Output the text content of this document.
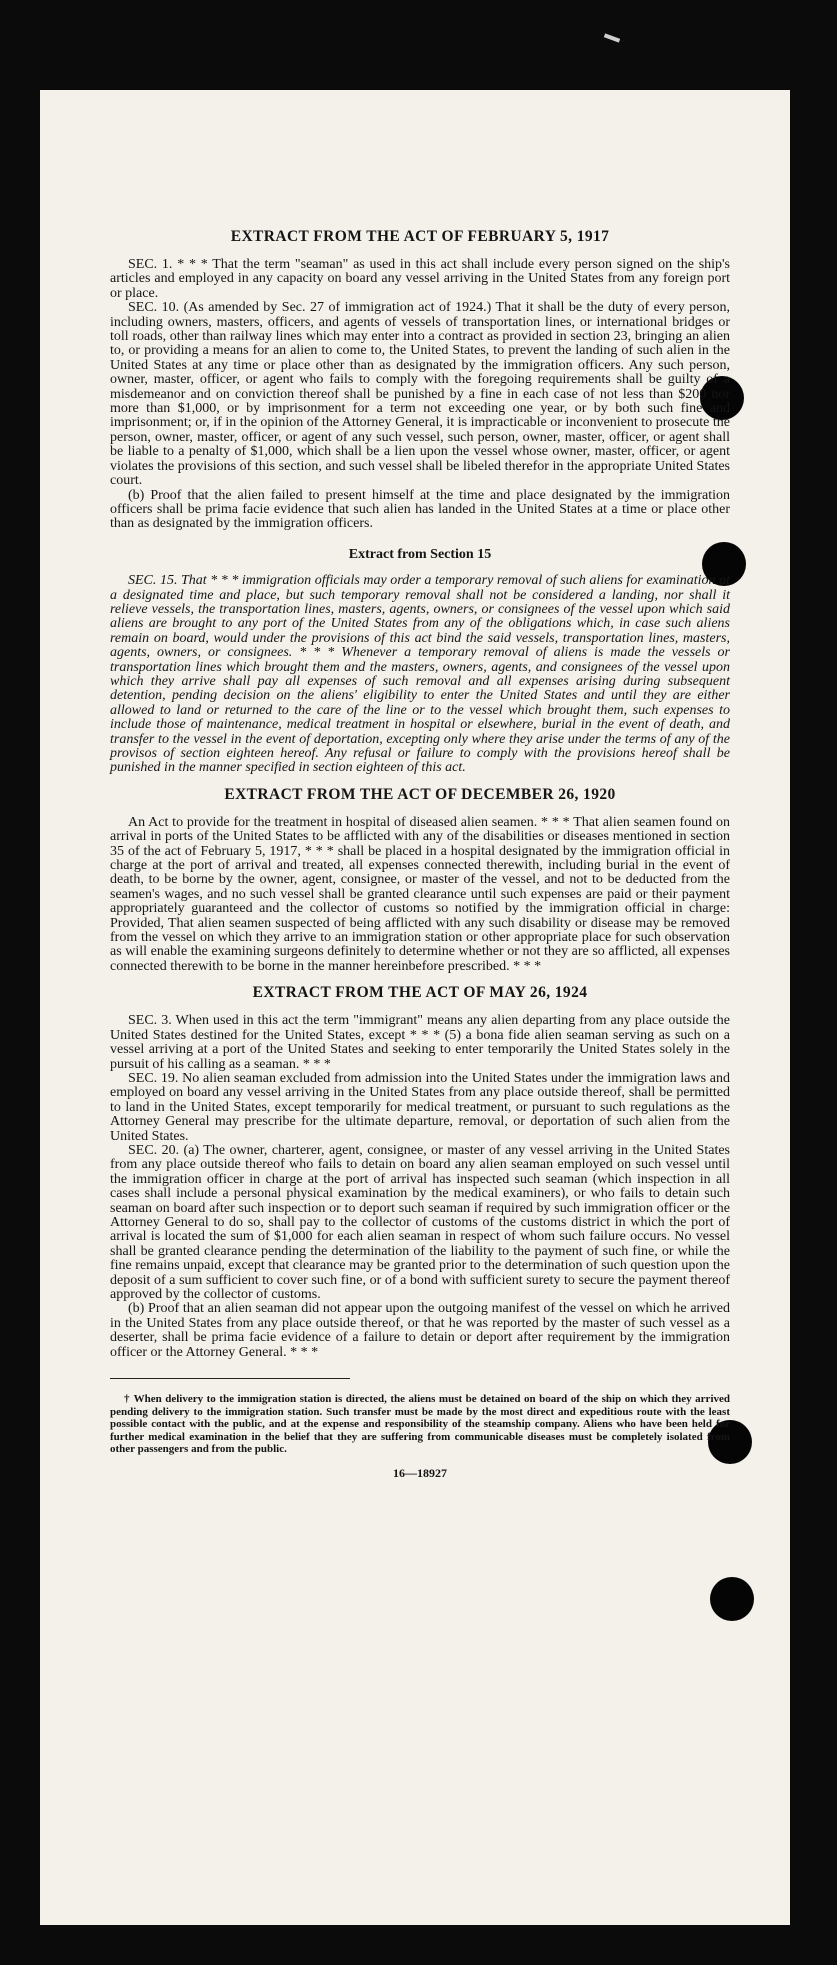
EXTRACT FROM THE ACT OF FEBRUARY 5, 1917

SEC. 1. * * * That the term "seaman" as used in this act shall include every person signed on the ship's articles and employed in any capacity on board any vessel arriving in the United States from any foreign port or place.

SEC. 10. (As amended by Sec. 27 of immigration act of 1924.) That it shall be the duty of every person, including owners, masters, officers, and agents of vessels of transportation lines, or international bridges or toll roads, other than railway lines which may enter into a contract as provided in section 23, bringing an alien to, or providing a means for an alien to come to, the United States, to prevent the landing of such alien in the United States at any time or place other than as designated by the immigration officers. Any such person, owner, master, officer, or agent who fails to comply with the foregoing requirements shall be guilty of a misdemeanor and on conviction thereof shall be punished by a fine in each case of not less than $200 nor more than $1,000, or by imprisonment for a term not exceeding one year, or by both such fine and imprisonment; or, if in the opinion of the Attorney General, it is impracticable or inconvenient to prosecute the person, owner, master, officer, or agent of any such vessel, such person, owner, master, officer, or agent shall be liable to a penalty of $1,000, which shall be a lien upon the vessel whose owner, master, officer, or agent violates the provisions of this section, and such vessel shall be libeled therefor in the appropriate United States court.

(b) Proof that the alien failed to present himself at the time and place designated by the immigration officers shall be prima facie evidence that such alien has landed in the United States at a time or place other than as designated by the immigration officers.

Extract from Section 15

SEC. 15. That * * * immigration officials may order a temporary removal of such aliens for examination at a designated time and place, but such temporary removal shall not be considered a landing, nor shall it relieve vessels, the transportation lines, masters, agents, owners, or consignees of the vessel upon which said aliens are brought to any port of the United States from any of the obligations which, in case such aliens remain on board, would under the provisions of this act bind the said vessels, transportation lines, masters, agents, owners, or consignees. * * * Whenever a temporary removal of aliens is made the vessels or transportation lines which brought them and the masters, owners, agents, and consignees of the vessel upon which they arrive shall pay all expenses of such removal and all expenses arising during subsequent detention, pending decision on the aliens' eligibility to enter the United States and until they are either allowed to land or returned to the care of the line or to the vessel which brought them, such expenses to include those of maintenance, medical treatment in hospital or elsewhere, burial in the event of death, and transfer to the vessel in the event of deportation, excepting only where they arise under the terms of any of the provisos of section eighteen hereof. Any refusal or failure to comply with the provisions hereof shall be punished in the manner specified in section eighteen of this act.

EXTRACT FROM THE ACT OF DECEMBER 26, 1920

An Act to provide for the treatment in hospital of diseased alien seamen. * * * That alien seamen found on arrival in ports of the United States to be afflicted with any of the disabilities or diseases mentioned in section 35 of the act of February 5, 1917, * * * shall be placed in a hospital designated by the immigration official in charge at the port of arrival and treated, all expenses connected therewith, including burial in the event of death, to be borne by the owner, agent, consignee, or master of the vessel, and not to be deducted from the seamen's wages, and no such vessel shall be granted clearance until such expenses are paid or their payment appropriately guaranteed and the collector of customs so notified by the immigration official in charge: Provided, That alien seamen suspected of being afflicted with any such disability or disease may be removed from the vessel on which they arrive to an immigration station or other appropriate place for such observation as will enable the examining surgeons definitely to determine whether or not they are so afflicted, all expenses connected therewith to be borne in the manner hereinbefore prescribed. * * *

EXTRACT FROM THE ACT OF MAY 26, 1924

SEC. 3. When used in this act the term "immigrant" means any alien departing from any place outside the United States destined for the United States, except * * * (5) a bona fide alien seaman serving as such on a vessel arriving at a port of the United States and seeking to enter temporarily the United States solely in the pursuit of his calling as a seaman. * * *

SEC. 19. No alien seaman excluded from admission into the United States under the immigration laws and employed on board any vessel arriving in the United States from any place outside thereof, shall be permitted to land in the United States, except temporarily for medical treatment, or pursuant to such regulations as the Attorney General may prescribe for the ultimate departure, removal, or deportation of such alien from the United States.

SEC. 20. (a) The owner, charterer, agent, consignee, or master of any vessel arriving in the United States from any place outside thereof who fails to detain on board any alien seaman employed on such vessel until the immigration officer in charge at the port of arrival has inspected such seaman (which inspection in all cases shall include a personal physical examination by the medical examiners), or who fails to detain such seaman on board after such inspection or to deport such seaman if required by such immigration officer or the Attorney General to do so, shall pay to the collector of customs of the customs district in which the port of arrival is located the sum of $1,000 for each alien seaman in respect of whom such failure occurs. No vessel shall be granted clearance pending the determination of the liability to the payment of such fine, or while the fine remains unpaid, except that clearance may be granted prior to the determination of such question upon the deposit of a sum sufficient to cover such fine, or of a bond with sufficient surety to secure the payment thereof approved by the collector of customs.

(b) Proof that an alien seaman did not appear upon the outgoing manifest of the vessel on which he arrived in the United States from any place outside thereof, or that he was reported by the master of such vessel as a deserter, shall be prima facie evidence of a failure to detain or deport after requirement by the immigration officer or the Attorney General. * * *

† When delivery to the immigration station is directed, the aliens must be detained on board of the ship on which they arrived pending delivery to the immigration station. Such transfer must be made by the most direct and expeditious route with the least possible contact with the public, and at the expense and responsibility of the steamship company. Aliens who have been held for further medical examination in the belief that they are suffering from communicable diseases must be completely isolated from other passengers and from the public.

16—18927
